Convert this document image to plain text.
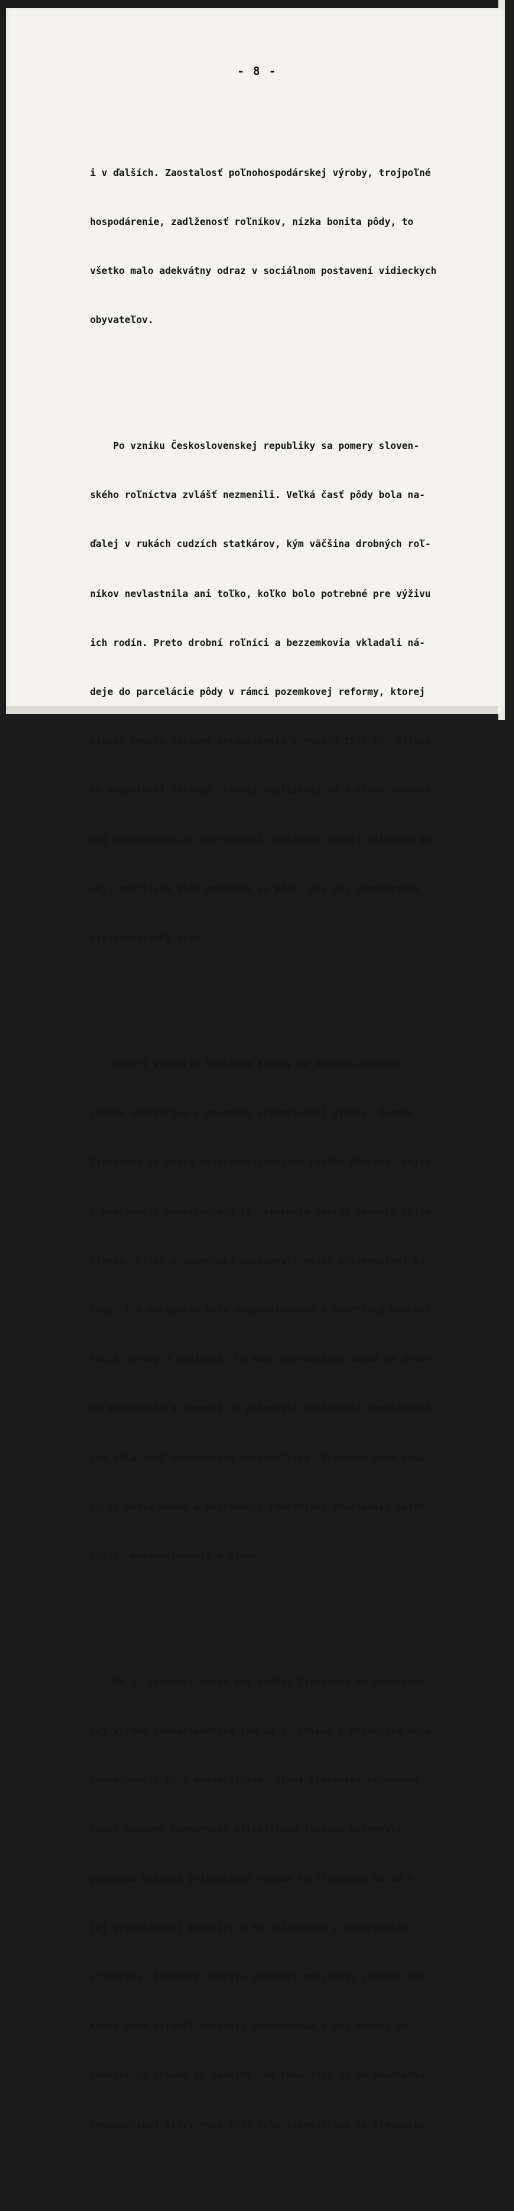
- 8 -

i v ďalších. Zaostalosť poľnohospodárskej výroby, trojpoľné

hospodárenie, zadlženosť roľníkov, nízka bonita pôdy, to

všetko malo adekvátny odraz v sociálnom postavení vidieckych

obyvateľov.

Po vzniku Československej republiky sa pomery sloven-

ského roľníctva zvlášť nezmenili. Veľká časť pôdy bola na-

ďalej v rukách cudzích statkárov, kým väčšina drobných roľ-

níkov nevlastnila ani toľko, koľko bolo potrebné pre výživu

ich rodín. Preto drobní roľníci a bezzemkovia vkladali ná-

deje do parcelácie pôdy v rámci pozemkovej reformy, ktorej

zákony vydalo národné shromaždenie v rokoch 1919-20. Výsled-

ky pozemkovej reformy, ktorej realizácia sa v plnom rozsahu

ani neuskutočnila, nepriniesli očakávané nádeje vkladané do

nej, neutíšila hlad roľníkov po pôde, ale ani nezmiernila

vysťahovalecký prúd.

Oproti vyspelým krajinám Európy sa Rakúsko-Uhorsko

značne oneskorilo v rozmachu priemyselnej výroby. Územie

Slovenska sa stalo nejpriemyslovejšou časťou Uhorska, najmä

v posledných desaťročiach 19. storočia nastal rozmach tejto

výroby. Krízy z nadvýroby narušovali vývoj priemyselnej vý-

roby. Ich dôsledkom bola nezamestnanosť a urýchlená koncent-

rácia výroby a kapitálu, čo malo nepriaznivý dopad na drob-

né podnikanie a remeslá. V priemysle nachádzala zamestnanie

iba malá časť slovenského obyvateľstva. Pracovná doba bola

12-16 hodín denne a postavenie robotníkov zhoršovali časté

krízy, nezamestnanosť a bieda.

Po 1. svetovej vojne bol podiel Slovenska na priemyslo-

vej výrobe Československa iba 12 %, pričom v priemysle bolo

zamestnaných 20 % obyvateľstva. Slabý slovenský priemysel

nebol schopný konkurovať silnejšiemu českému priemyslu,

postupne klesala priemyslová výroba na Slovensku na 30 %

jej predvojnovej kapacity a to znižovaním a odbúravaním

priemyslu. Dôsledky takejto politiky pociťoval robotný ľud,

ktorý doma strácal možnosti zamestnania a bol nútený od-

chádzať za prácou do cudziny. Od roku 1921 až do skončenia

hospodárskej krízy roku 1934 bolo robotníctvo na Slovensku
